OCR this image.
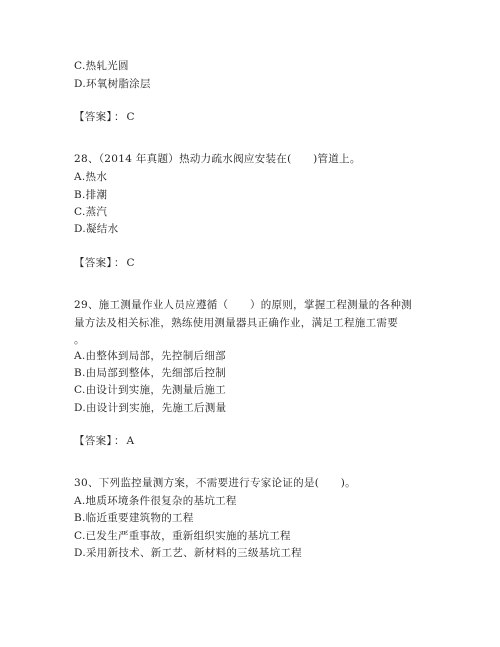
C.热轧光圆
D.环氧树脂涂层
【答案】 ： C
28、（2014 年真题）热动力疏水阀应安装在(　　)管道上。
A.热水
B.排潮
C.蒸汽
D.凝结水
【答案】 ： C
29、施工测量作业人员应遵循（　　）的原则，掌握工程测量的各种测
量方法及相关标准，熟练使用测量器具正确作业，满足工程施工需要
。
A.由整体到局部，先控制后细部
B.由局部到整体，先细部后控制
C.由设计到实施，先测量后施工
D.由设计到实施，先施工后测量
【答案】 ： A
30、下列监控量测方案，不需要进行专家论证的是(　　)。
A.地质环境条件很复杂的基坑工程
B.临近重要建筑物的工程
C.已发生严重事故，重新组织实施的基坑工程
D.采用新技术、新工艺、新材料的三级基坑工程
